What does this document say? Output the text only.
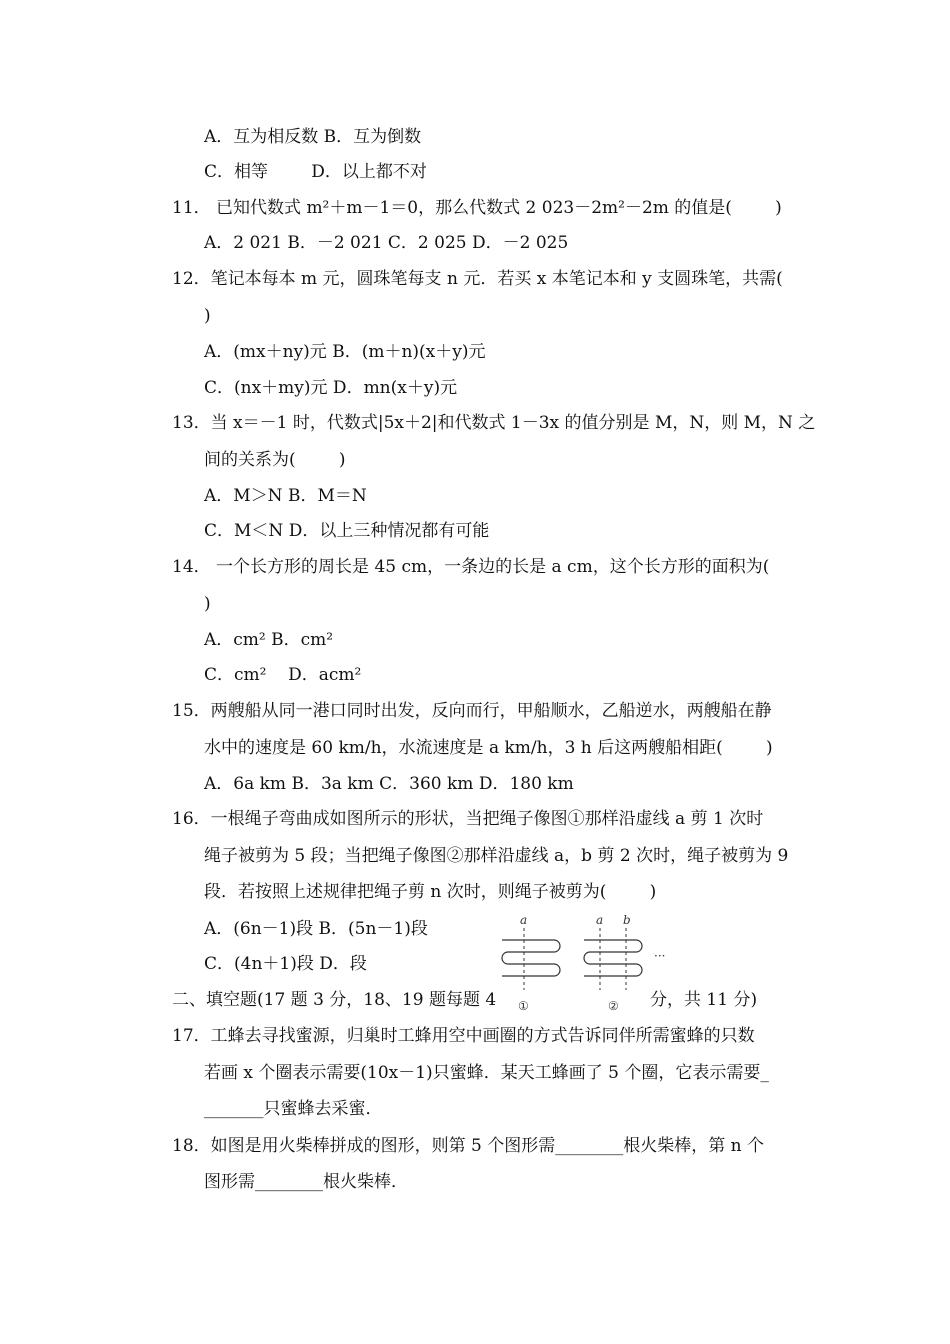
A．互为相反数 B．互为倒数
C．相等        D．以上都不对
11． 已知代数式 m²＋m－1＝0，那么代数式 2 023－2m²－2m 的值是(        )
A．2 021 B．－2 021 C．2 025 D．－2 025
12．笔记本每本 m 元，圆珠笔每支 n 元．若买 x 本笔记本和 y 支圆珠笔，共需(
)
A．(mx＋ny)元 B．(m＋n)(x＋y)元
C．(nx＋my)元 D．mn(x＋y)元
13．当 x＝－1 时，代数式|5x＋2|和代数式 1－3x 的值分别是 M，N，则 M，N 之
间的关系为(        )
A．M＞N B．M＝N
C．M＜N D．以上三种情况都有可能
14． 一个长方形的周长是 45 cm，一条边的长是 a cm，这个长方形的面积为(
)
A．cm² B．cm²
C．cm²    D．acm²
15．两艘船从同一港口同时出发，反向而行，甲船顺水，乙船逆水，两艘船在静
水中的速度是 60 km/h，水流速度是 a km/h，3 h 后这两艘船相距(        )
A．6a km B．3a km C．360 km D．180 km
16．一根绳子弯曲成如图所示的形状，当把绳子像图①那样沿虚线 a 剪 1 次时
绳子被剪为 5 段；当把绳子像图②那样沿虚线 a，b 剪 2 次时，绳子被剪为 9
段．若按照上述规律把绳子剪 n 次时，则绳子被剪为(        )
A．(6n－1)段 B．(5n－1)段
C．(4n＋1)段 D．段
二、填空题(17 题 3 分，18、19 题每题 4	分，共 11 分)
17．工蜂去寻找蜜源，归巢时工蜂用空中画圈的方式告诉同伴所需蜜蜂的只数
若画 x 个圈表示需要(10x－1)只蜜蜂．某天工蜂画了 5 个圈，它表示需要_
_______只蜜蜂去采蜜．
18．如图是用火柴棒拼成的图形，则第 5 个图形需________根火柴棒，第 n 个
图形需________根火柴棒．
a	a b
①	②
···
